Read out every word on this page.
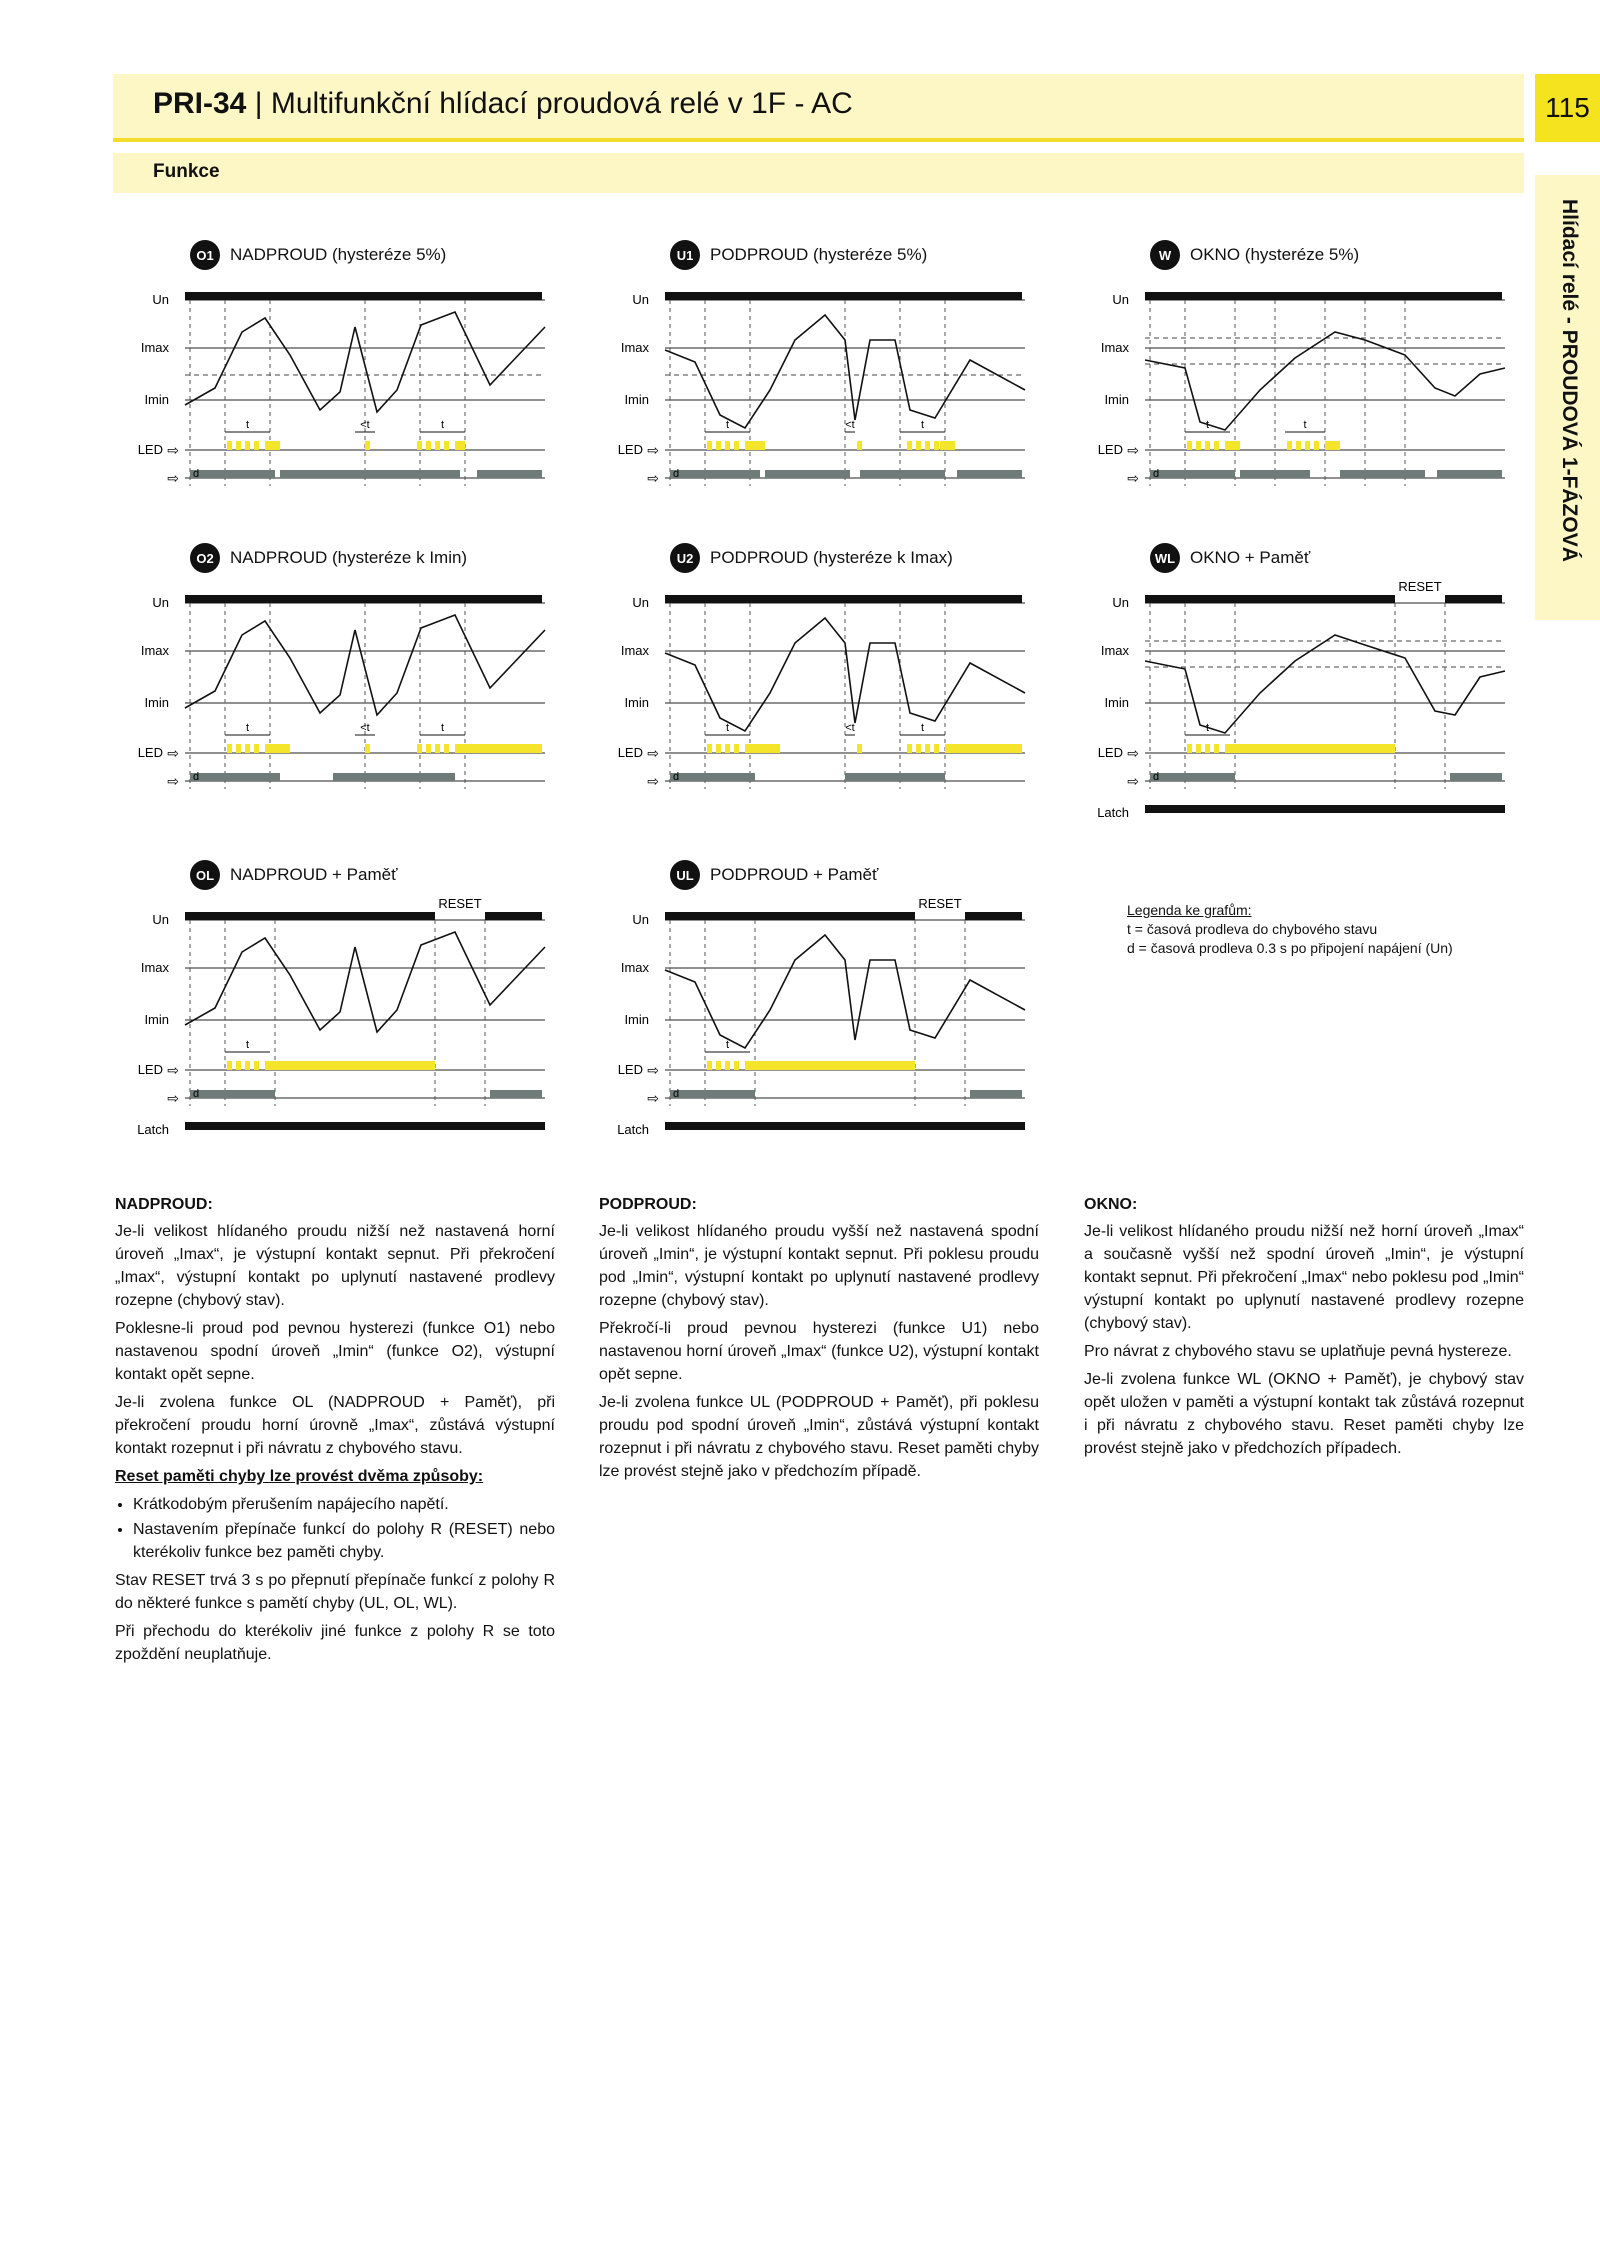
PRI-34 | Multifunkční hlídací proudová relé v 1F - AC	115
Funkce
Hlídací relé - PROUDOVÁ 1-FÁZOVÁ
O1 NADPROUD (hysteréze 5%)
Un
Imax
Imin
LED ⇨
⇨
t	<t	t
d
U1 PODPROUD (hysteréze 5%)
Un
Imax
Imin
LED ⇨
⇨
t	<t	t
d
W	OKNO (hysteréze 5%)
Un
Imax
Imin
LED ⇨
⇨
t	t
d
O2 NADPROUD (hysteréze k Imin)
Un
Imax
Imin
LED ⇨
⇨
t	<t	t
d
U2 PODPROUD (hysteréze k Imax)
Un
Imax
Imin
LED ⇨
⇨
t	<t	t
d
WL OKNO + Paměť
Un
Imax
Imin
LED ⇨
⇨
Latch
RESET
t
d
OL NADPROUD + Paměť
Un
Imax
Imin
LED ⇨
⇨
Latch
RESET
t
d
UL PODPROUD + Paměť
Un
Imax
Imin
LED ⇨
⇨
Latch
RESET
t
d
Legenda ke grafům:
t = časová prodleva do chybového stavu
d = časová prodleva 0.3 s po připojení napájení (Un)
NADPROUD:

Je-li velikost hlídaného proudu nižší než nastavená horní úroveň „Imax“, je výstupní kontakt sepnut. Při překročení „Imax“, výstupní kontakt po uplynutí nastavené prodlevy rozepne (chybový stav).

Poklesne-li proud pod pevnou hysterezi (funkce O1) nebo nastavenou spodní úroveň „Imin“ (funkce O2), výstupní kontakt opět sepne.

Je-li zvolena funkce OL (NADPROUD + Paměť), při překročení proudu horní úrovně „Imax“, zůstává výstupní kontakt rozepnut i při návratu z chybového stavu.

Reset paměti chyby lze provést dvěma způsoby:

• Krátkodobým přerušením napájecího napětí.
• Nastavením přepínače funkcí do polohy R (RESET) nebo kterékoliv funkce bez paměti chyby.

Stav RESET trvá 3 s po přepnutí přepínače funkcí z polohy R do některé funkce s pamětí chyby (UL, OL, WL).

Při přechodu do kterékoliv jiné funkce z polohy R se toto zpoždění neuplatňuje.

PODPROUD:

Je-li velikost hlídaného proudu vyšší než nastavená spodní úroveň „Imin“, je výstupní kontakt sepnut. Při poklesu proudu pod „Imin“, výstupní kontakt po uplynutí nastavené prodlevy rozepne (chybový stav).

Překročí-li proud pevnou hysterezi (funkce U1) nebo nastavenou horní úroveň „Imax“ (funkce U2), výstupní kontakt opět sepne.

Je-li zvolena funkce UL (PODPROUD + Paměť), při poklesu proudu pod spodní úroveň „Imin“, zůstává výstupní kontakt rozepnut i při návratu z chybového stavu. Reset paměti chyby lze provést stejně jako v předchozím případě.

OKNO:

Je-li velikost hlídaného proudu nižší než horní úroveň „Imax“ a současně vyšší než spodní úroveň „Imin“, je výstupní kontakt sepnut. Při překročení „Imax“ nebo poklesu pod „Imin“ výstupní kontakt po uplynutí nastavené prodlevy rozepne (chybový stav).

Pro návrat z chybového stavu se uplatňuje pevná hystereze.

Je-li zvolena funkce WL (OKNO + Paměť), je chybový stav opět uložen v paměti a výstupní kontakt tak zůstává rozepnut i při návratu z chybového stavu. Reset paměti chyby lze provést stejně jako v předchozích případech.
